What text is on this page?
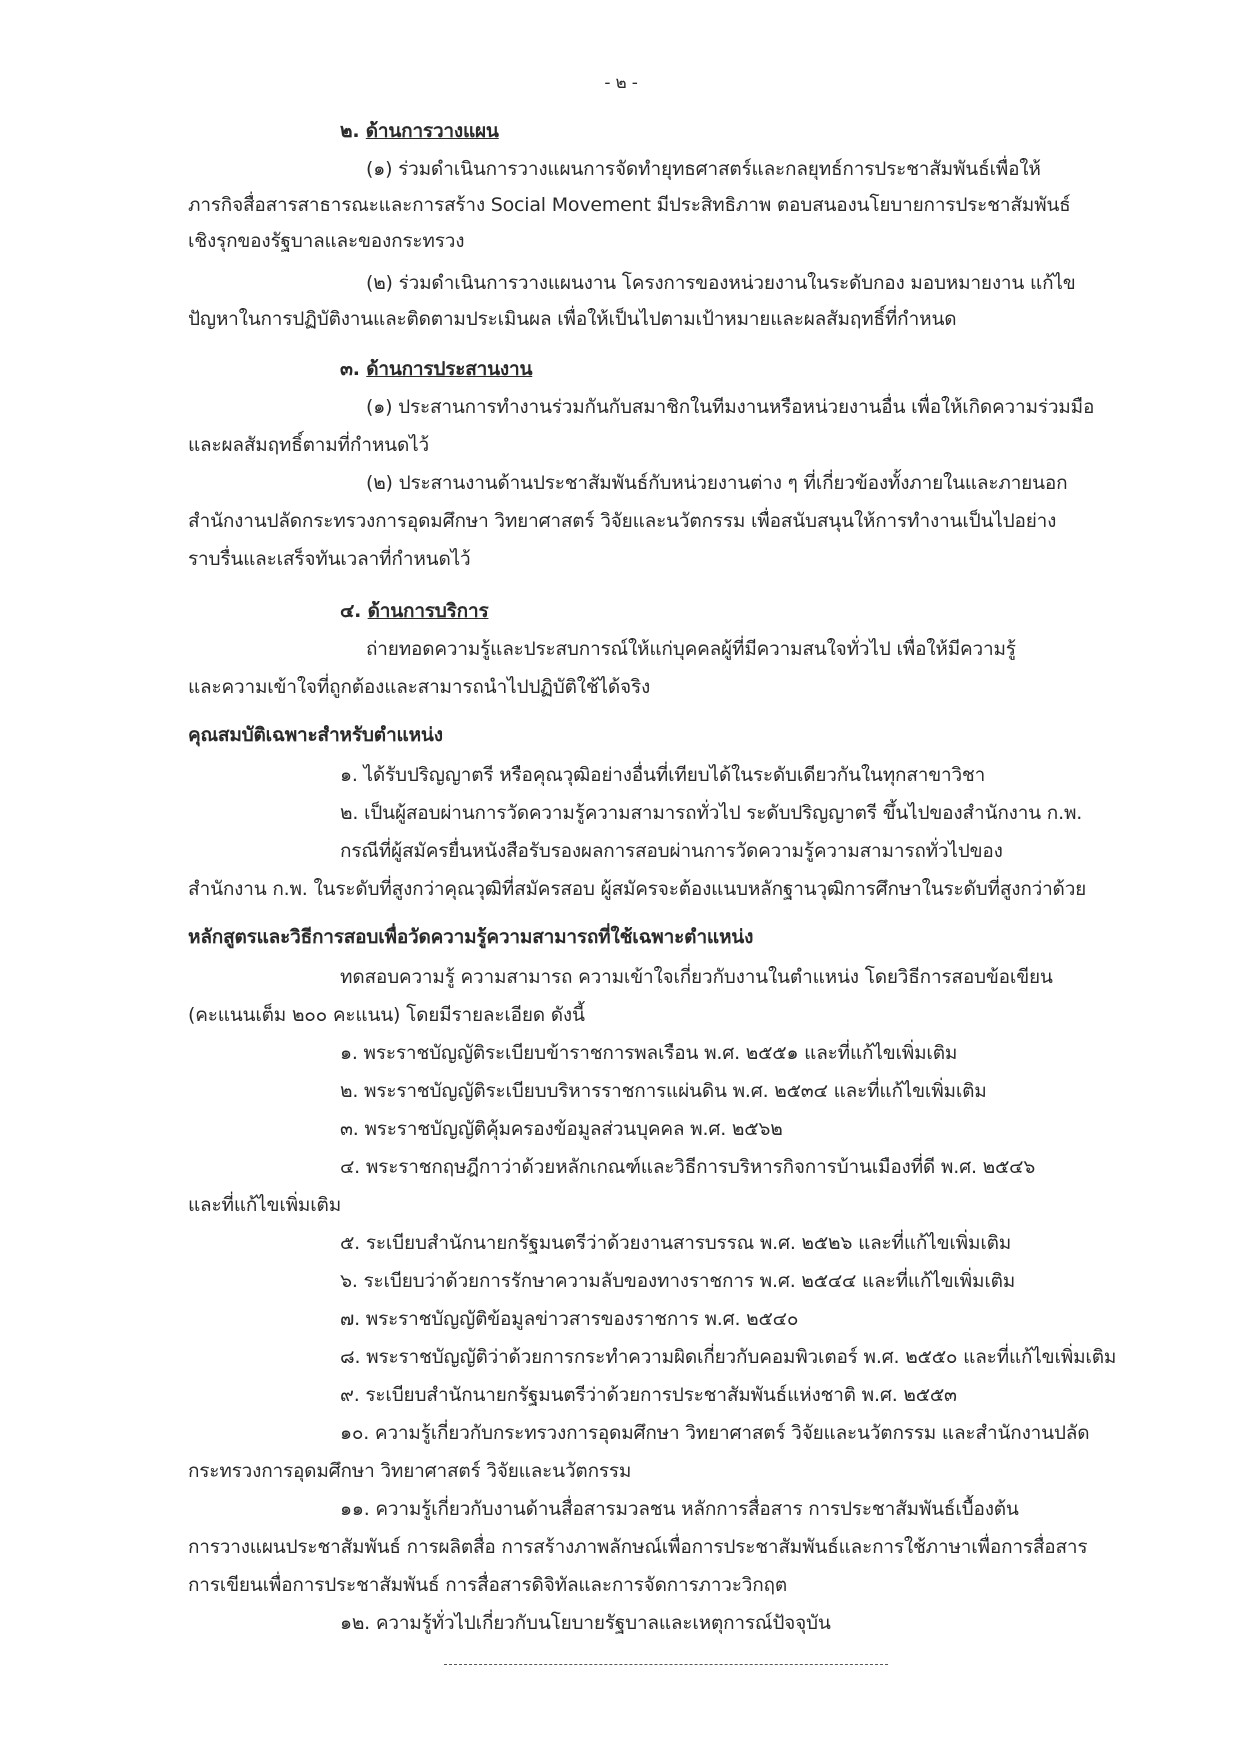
- ๒ -
๒. ด้านการวางแผน
(๑) ร่วมดำเนินการวางแผนการจัดทำยุทธศาสตร์และกลยุทธ์การประชาสัมพันธ์เพื่อให้
ภารกิจสื่อสารสาธารณะและการสร้าง Social Movement มีประสิทธิภาพ ตอบสนองนโยบายการประชาสัมพันธ์
เชิงรุกของรัฐบาลและของกระทรวง
(๒) ร่วมดำเนินการวางแผนงาน โครงการของหน่วยงานในระดับกอง มอบหมายงาน แก้ไข
ปัญหาในการปฏิบัติงานและติดตามประเมินผล เพื่อให้เป็นไปตามเป้าหมายและผลสัมฤทธิ์ที่กำหนด
๓. ด้านการประสานงาน
(๑) ประสานการทำงานร่วมกันกับสมาชิกในทีมงานหรือหน่วยงานอื่น เพื่อให้เกิดความร่วมมือ
และผลสัมฤทธิ์ตามที่กำหนดไว้
(๒) ประสานงานด้านประชาสัมพันธ์กับหน่วยงานต่าง ๆ ที่เกี่ยวข้องทั้งภายในและภายนอก
สำนักงานปลัดกระทรวงการอุดมศึกษา วิทยาศาสตร์ วิจัยและนวัตกรรม เพื่อสนับสนุนให้การทำงานเป็นไปอย่าง
ราบรื่นและเสร็จทันเวลาที่กำหนดไว้
๔. ด้านการบริการ
ถ่ายทอดความรู้และประสบการณ์ให้แก่บุคคลผู้ที่มีความสนใจทั่วไป เพื่อให้มีความรู้
และความเข้าใจที่ถูกต้องและสามารถนำไปปฏิบัติใช้ได้จริง
คุณสมบัติเฉพาะสำหรับตำแหน่ง
๑. ได้รับปริญญาตรี หรือคุณวุฒิอย่างอื่นที่เทียบได้ในระดับเดียวกันในทุกสาขาวิชา
๒. เป็นผู้สอบผ่านการวัดความรู้ความสามารถทั่วไป ระดับปริญญาตรี ขึ้นไปของสำนักงาน ก.พ.
กรณีที่ผู้สมัครยื่นหนังสือรับรองผลการสอบผ่านการวัดความรู้ความสามารถทั่วไปของ
สำนักงาน ก.พ. ในระดับที่สูงกว่าคุณวุฒิที่สมัครสอบ ผู้สมัครจะต้องแนบหลักฐานวุฒิการศึกษาในระดับที่สูงกว่าด้วย
หลักสูตรและวิธีการสอบเพื่อวัดความรู้ความสามารถที่ใช้เฉพาะตำแหน่ง
ทดสอบความรู้ ความสามารถ ความเข้าใจเกี่ยวกับงานในตำแหน่ง โดยวิธีการสอบข้อเขียน
(คะแนนเต็ม ๒๐๐ คะแนน) โดยมีรายละเอียด ดังนี้
๑. พระราชบัญญัติระเบียบข้าราชการพลเรือน พ.ศ. ๒๕๕๑ และที่แก้ไขเพิ่มเติม
๒. พระราชบัญญัติระเบียบบริหารราชการแผ่นดิน พ.ศ. ๒๕๓๔ และที่แก้ไขเพิ่มเติม
๓. พระราชบัญญัติคุ้มครองข้อมูลส่วนบุคคล พ.ศ. ๒๕๖๒
๔. พระราชกฤษฎีกาว่าด้วยหลักเกณฑ์และวิธีการบริหารกิจการบ้านเมืองที่ดี พ.ศ. ๒๕๔๖
และที่แก้ไขเพิ่มเติม
๕. ระเบียบสำนักนายกรัฐมนตรีว่าด้วยงานสารบรรณ พ.ศ. ๒๕๒๖ และที่แก้ไขเพิ่มเติม
๖. ระเบียบว่าด้วยการรักษาความลับของทางราชการ พ.ศ. ๒๕๔๔ และที่แก้ไขเพิ่มเติม
๗. พระราชบัญญัติข้อมูลข่าวสารของราชการ พ.ศ. ๒๕๔๐
๘. พระราชบัญญัติว่าด้วยการกระทำความผิดเกี่ยวกับคอมพิวเตอร์ พ.ศ. ๒๕๕๐ และที่แก้ไขเพิ่มเติม
๙. ระเบียบสำนักนายกรัฐมนตรีว่าด้วยการประชาสัมพันธ์แห่งชาติ พ.ศ. ๒๕๕๓
๑๐. ความรู้เกี่ยวกับกระทรวงการอุดมศึกษา วิทยาศาสตร์ วิจัยและนวัตกรรม และสำนักงานปลัด
กระทรวงการอุดมศึกษา วิทยาศาสตร์ วิจัยและนวัตกรรม
๑๑. ความรู้เกี่ยวกับงานด้านสื่อสารมวลชน หลักการสื่อสาร การประชาสัมพันธ์เบื้องต้น
การวางแผนประชาสัมพันธ์ การผลิตสื่อ การสร้างภาพลักษณ์เพื่อการประชาสัมพันธ์และการใช้ภาษาเพื่อการสื่อสาร
การเขียนเพื่อการประชาสัมพันธ์ การสื่อสารดิจิทัลและการจัดการภาวะวิกฤต
๑๒. ความรู้ทั่วไปเกี่ยวกับนโยบายรัฐบาลและเหตุการณ์ปัจจุบัน
